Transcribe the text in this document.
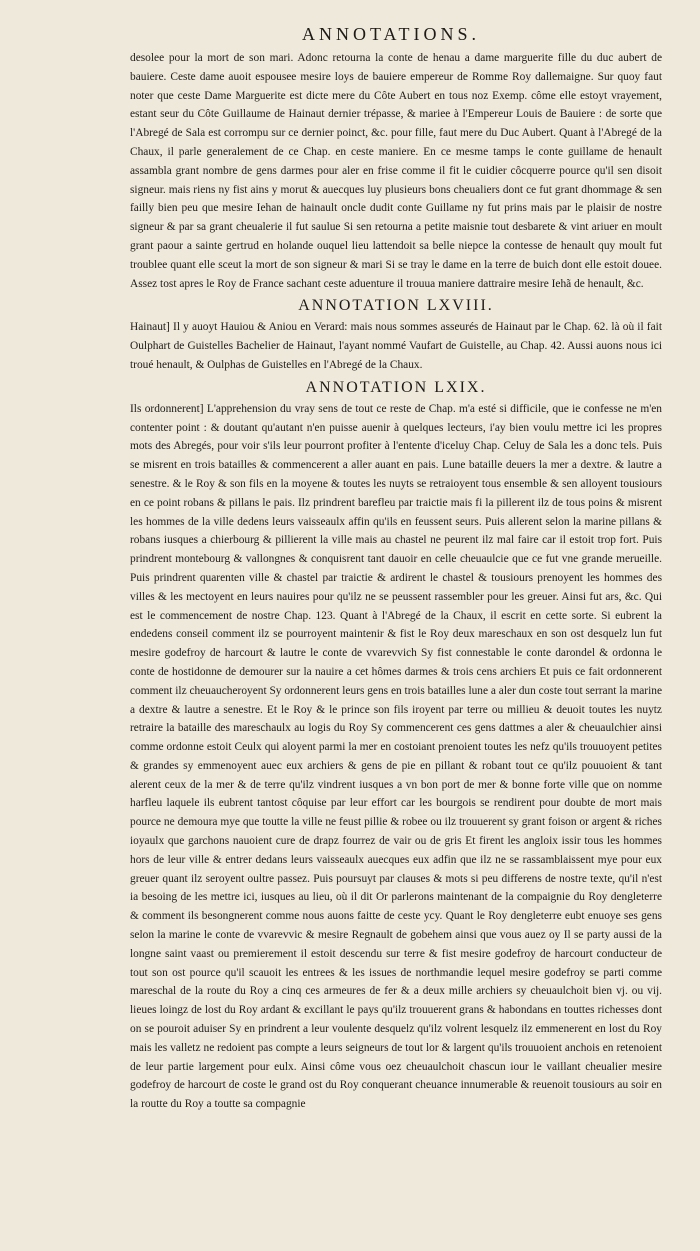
ANNOTATIONS.

desolee pour la mort de son mari. Adonc retourna la conte de henau a dame marguerite fille du duc aubert de bauiere. Ceste dame auoit espousee mesire loys de bauiere empereur de Romme Roy dallemaigne. Sur quoy faut noter que ceste Dame Marguerite est dicte mere du Côte Aubert en tous noz Exemp. côme elle estoyt vrayement, estant seur du Côte Guillaume de Hainaut dernier trépasse, & mariee à l'Empereur Louis de Bauiere : de sorte que l'Abregé de Sala est corrompu sur ce dernier poinct, &c. pour fille, faut mere du Duc Aubert. Quant à l'Abregé de la Chaux, il parle generalement de ce Chap. en ceste maniere. En ce mesme tamps le conte guillame de henault assambla grant nombre de gens darmes pour aler en frise comme il fit le cuidier côcquerre pource qu'il sen disoit signeur. mais riens ny fist ains y morut & auecques luy plusieurs bons cheualiers dont ce fut grant dhommage & sen failly bien peu que mesire Iehan de hainault oncle dudit conte Guillame ny fut prins mais par le plaisir de nostre signeur & par sa grant cheualerie il fut saulue Si sen retourna a petite maisnie tout desbarete & vint ariuer en moult grant paour a sainte gertrud en holande ouquel lieu lattendoit sa belle niepce la contesse de henault quy moult fut troublee quant elle sceut la mort de son signeur & mari Si se tray le dame en la terre de buich dont elle estoit douee. Assez tost apres le Roy de France sachant ceste aduenture il trouua maniere dattraire mesire Iehã de henault, &c.

ANNOTATION LXVIII.

Hainaut] Il y auoyt Hauiou & Aniou en Verard: mais nous sommes asseurés de Hainaut par le Chap. 62. là où il fait Oulphart de Guistelles Bachelier de Hainaut, l'ayant nommé Vaufart de Guistelle, au Chap. 42. Aussi auons nous ici troué henault, & Oulphas de Guistelles en l'Abregé de la Chaux.

ANNOTATION LXIX.

Ils ordonnerent] L'apprehension du vray sens de tout ce reste de Chap. m'a esté si difficile, que ie confesse ne m'en contenter point : & doutant qu'autant n'en puisse auenir à quelques lecteurs, i'ay bien voulu mettre ici les propres mots des Abregés, pour voir s'ils leur pourront profiter à l'entente d'iceluy Chap. Celuy de Sala les a donc tels. Puis se misrent en trois batailles & commencerent a aller auant en pais. Lune bataille deuers la mer a dextre. & lautre a senestre. & le Roy & son fils en la moyene & toutes les nuyts se retraioyent tous ensemble & sen alloyent tousiours en ce point robans & pillans le pais. Ilz prindrent barefleu par traictie mais fi la pillerent ilz de tous poins & misrent les hommes de la ville dedens leurs vaisseaulx affin qu'ils en feussent seurs. Puis allerent selon la marine pillans & robans iusques a chierbourg & pillierent la ville mais au chastel ne peurent ilz mal faire car il estoit trop fort. Puis prindrent montebourg & vallongnes & conquisrent tant dauoir en celle cheuaulcie que ce fut vne grande merueille. Puis prindrent quarenten ville & chastel par traictie & ardirent le chastel & tousiours prenoyent les hommes des villes & les mectoyent en leurs nauires pour qu'ilz ne se peussent rassembler pour les greuer. Ainsi fut ars, &c. Qui est le commencement de nostre Chap. 123. Quant à l'Abregé de la Chaux, il escrit en cette sorte. Si eubrent la endedens conseil comment ilz se pourroyent maintenir & fist le Roy deux mareschaux en son ost desquelz lun fut mesire godefroy de harcourt & lautre le conte de vvarevvich Sy fist connestable le conte darondel & ordonna le conte de hostidonne de demourer sur la nauire a cet hômes darmes & trois cens archiers Et puis ce fait ordonnerent comment ilz cheuaucheroyent Sy ordonnerent leurs gens en trois batailles lune a aler dun coste tout serrant la marine a dextre & lautre a senestre. Et le Roy & le prince son fils iroyent par terre ou millieu & deuoit toutes les nuytz retraire la bataille des mareschaulx au logis du Roy Sy commencerent ces gens dattmes a aler & cheuaulchier ainsi comme ordonne estoit Ceulx qui aloyent parmi la mer en costoiant prenoient toutes les nefz qu'ils trouuoyent petites & grandes sy emmenoyent auec eux archiers & gens de pie en pillant & robant tout ce qu'ilz pouuoient & tant alerent ceux de la mer & de terre qu'ilz vindrent iusques a vn bon port de mer & bonne forte ville que on nomme harfleu laquele ils eubrent tantost côquise par leur effort car les bourgois se rendirent pour doubte de mort mais pource ne demoura mye que toutte la ville ne feust pillie & robee ou ilz trouuerent sy grant foison or argent & riches ioyaulx que garchons nauoient cure de drapz fourrez de vair ou de gris Et firent les angloix issir tous les hommes hors de leur ville & entrer dedans leurs vaisseaulx auecques eux adfin que ilz ne se rassamblaissent mye pour eux greuer quant ilz seroyent oultre passez. Puis poursuyt par clauses & mots si peu differens de nostre texte, qu'il n'est ia besoing de les mettre ici, iusques au lieu, où il dit Or parlerons maintenant de la compaignie du Roy dengleterre & comment ils besongnerent comme nous auons faitte de ceste ycy. Quant le Roy dengleterre eubt enuoye ses gens selon la marine le conte de vvarevvic & mesire Regnault de gobehem ainsi que vous auez oy Il se party aussi de la longne saint vaast ou premierement il estoit descendu sur terre & fist mesire godefroy de harcourt conducteur de tout son ost pource qu'il scauoit les entrees & les issues de northmandie lequel mesire godefroy se parti comme mareschal de la route du Roy a cinq ces armeures de fer & a deux mille archiers sy cheuaulchoit bien vj. ou vij. lieues loingz de lost du Roy ardant & excillant le pays qu'ilz trouuerent grans & habondans en touttes richesses dont on se pouroit aduiser Sy en prindrent a leur voulente desquelz qu'ilz volrent lesquelz ilz emmenerent en lost du Roy mais les valletz ne redoient pas compte a leurs seigneurs de tout lor & largent qu'ils trouuoient anchois en retenoient de leur partie largement pour eulx. Ainsi côme vous oez cheuaulchoit chascun iour le vaillant cheualier mesire godefroy de harcourt de coste le grand ost du Roy conquerant cheuance innumerable & reuenoit tousiours au soir en la routte du Roy a toutte sa compagnie
